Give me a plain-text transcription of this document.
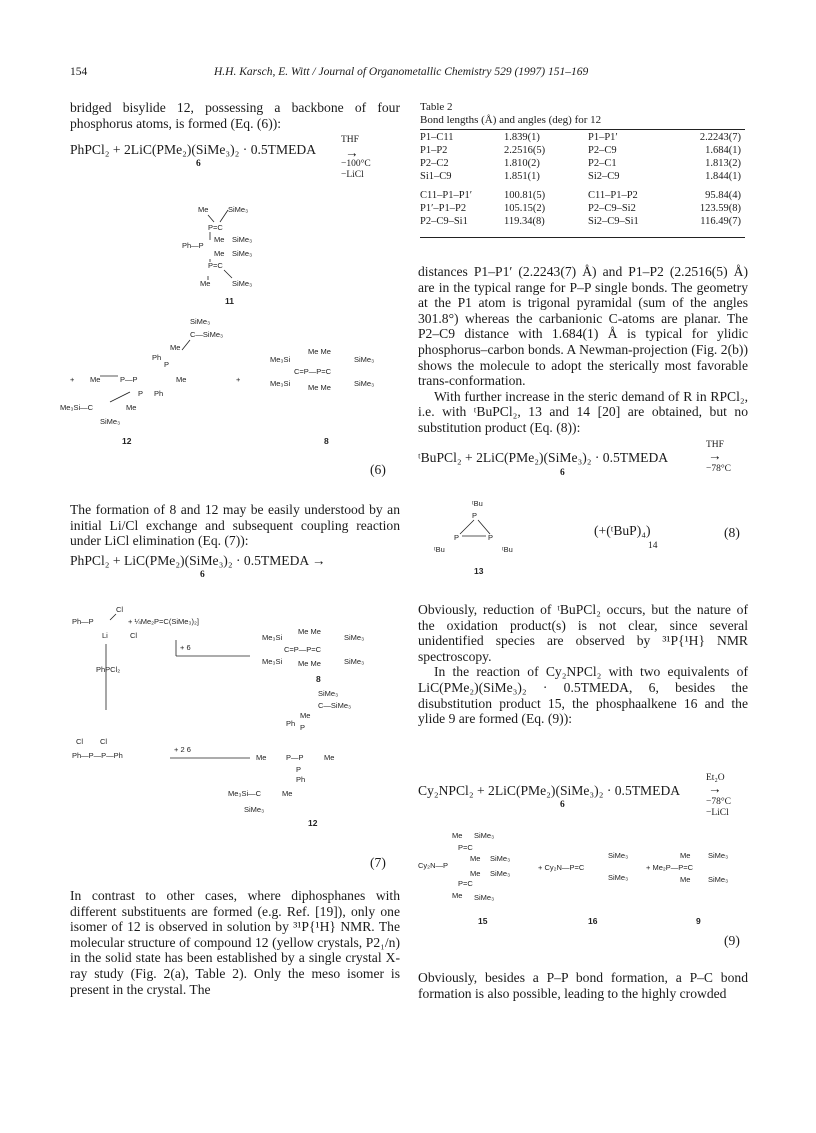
154	H.H. Karsch, E. Witt / Journal of Organometallic Chemistry 529 (1997) 151–169

bridged bisylide 12, possessing a backbone of four phosphorus atoms, is formed (Eq. (6)):

PhPCl₂ + 2LiC(PMe₂)(SiMe₃)₂ · 0.5TMEDA
THF
→
−100°C
−LiCl
6
Me	SiMe₃
P=C
Me SiMe₃
Ph—P
Me SiMe₃
P=C
Me	SiMe₃
11
SiMe₃
C—SiMe₃
Me
Ph
P
+ Me	P—P	Me
P Ph
Me₃Si—C	Me
SiMe₃
12
+
Me₃Si
Me Me
SiMe₃
C=P—P=C
Me₃Si Me Me	SiMe₃
8
(6)

The formation of 8 and 12 may be easily understood by an initial Li/Cl exchange and subsequent coupling reaction under LiCl elimination (Eq. (7)):

PhPCl₂ + LiC(PMe₂)(SiMe₃)₂ · 0.5TMEDA →
6
Cl
Ph—P	+ ¼Me₂P=C(SiMe₃)₂]
Li	Cl
+ 6
Me₃Si
Me Me
SiMe₃
C=P—P=C
Me₃Si Me Me	SiMe₃
8
PhPCl₂
SiMe₃
C—SiMe₃
Me
Ph P
Cl Cl
Ph—P—P—Ph
+ 2 6
Me	P—P	Me
P
Ph
Me₃Si—C	Me
SiMe₃
12
(7)

In contrast to other cases, where diphosphanes with different substituents are formed (e.g. Ref. [19]), only one isomer of 12 is observed in solution by ³¹P{¹H} NMR. The molecular structure of compound 12 (yellow crystals, P2₁/n) in the solid state has been established by a single crystal X-ray study (Fig. 2(a), Table 2). Only the meso isomer is present in the crystal. The

Table 2
Bond lengths (Å) and angles (deg) for 12
P1–C11	1.839(1)	P1–P1′	2.2243(7)
P1–P2	2.2516(5)	P2–C9	1.684(1)
P2–C2	1.810(2)	P2–C1	1.813(2)
Si1–C9	1.851(1)	Si2–C9	1.844(1)
C11–P1–P1′	100.81(5)	C11–P1–P2	95.84(4)
P1′–P1–P2	105.15(2)	P2–C9–Si2	123.59(8)
P2–C9–Si1	119.34(8)	Si2–C9–Si1	116.49(7)

distances P1–P1′ (2.2243(7) Å) and P1–P2 (2.2516(5) Å) are in the typical range for P–P single bonds. The geometry at the P1 atom is trigonal pyramidal (sum of the angles 301.8°) whereas the carbanionic C-atoms are planar. The P2–C9 distance with 1.684(1) Å is typical for ylidic phosphorus–carbon bonds. A Newman-projection (Fig. 2(b)) shows the molecule to adopt the sterically most favorable trans-conformation.

With further increase in the steric demand of R in RPCl₂, i.e. with ᵗBuPCl₂, 13 and 14 [20] are obtained, but no substitution product (Eq. (8)):

THF
ᵗBuPCl₂ + 2LiC(PMe₂)(SiMe₃)₂ · 0.5TMEDA	→
−78°C
6
ᵗBu
P
P	P
ᵗBu	ᵗBu
13
(+(ᵗBuP)₄)
14
(8)

Obviously, reduction of ᵗBuPCl₂ occurs, but the nature of the oxidation product(s) is not clear, since several unidentified species are observed by ³¹P{¹H} NMR spectroscopy.

In the reaction of Cy₂NPCl₂ with two equivalents of LiC(PMe₂)(SiMe₃)₂ · 0.5TMEDA, 6, besides the disubstitution product 15, the phosphaalkene 16 and the ylide 9 are formed (Eq. (9)):

Et₂O
Cy₂NPCl₂ + 2LiC(PMe₂)(SiMe₃)₂ · 0.5TMEDA →
−78°C
−LiCl
6
Me SiMe₃
P=C
Me SiMe₃
Cy₂N—P
Me SiMe₃
P=C
Me SiMe₃
+ Cy₂N—P=C
SiMe₃
SiMe₃
+ Me₂P—P=C
Me SiMe₃
Me SiMe₃
15	16	9
(9)

Obviously, besides a P–P bond formation, a P–C bond formation is also possible, leading to the highly crowded
